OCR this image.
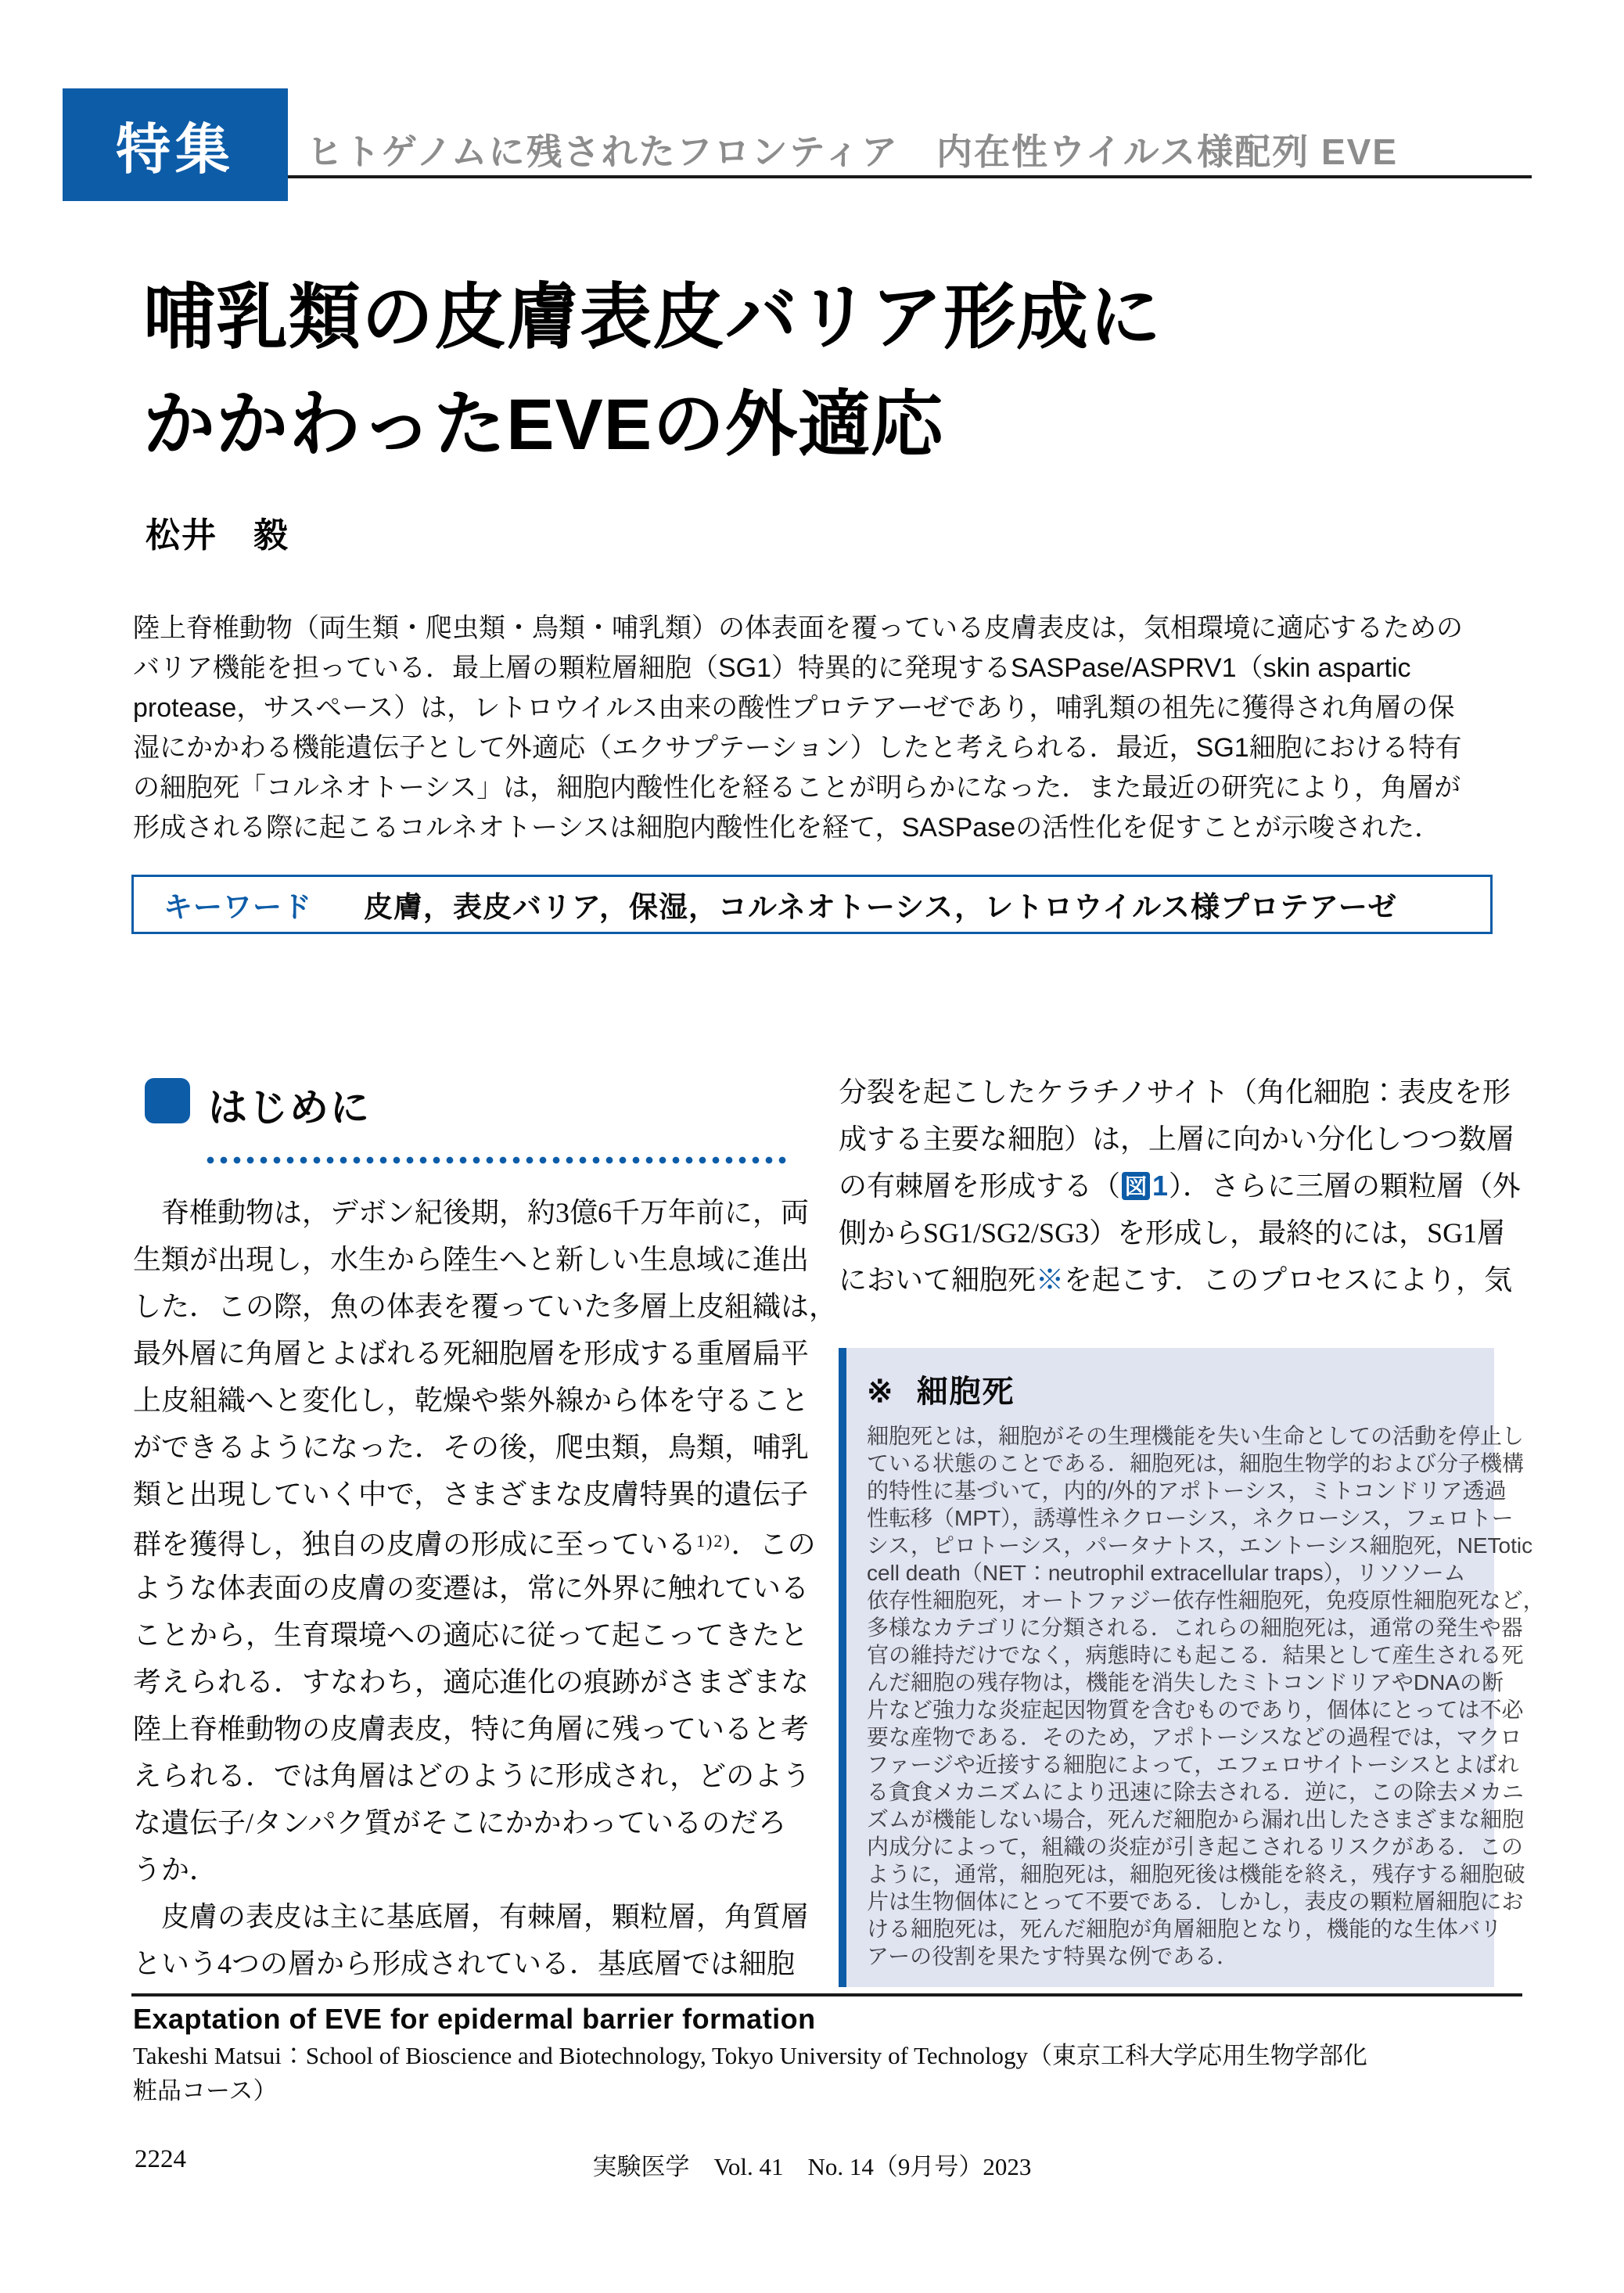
特集 ヒトゲノムに残されたフロンティア　内在性ウイルス様配列 EVE
哺乳類の皮膚表皮バリア形成に
かかわったEVEの外適応
松井　毅
陸上脊椎動物（両生類・爬虫類・鳥類・哺乳類）の体表面を覆っている皮膚表皮は，気相環境に適応するための
バリア機能を担っている．最上層の顆粒層細胞（SG1）特異的に発現するSASPase/ASPRV1（skin aspartic
protease，サスペース）は，レトロウイルス由来の酸性プロテアーゼであり，哺乳類の祖先に獲得され角層の保
湿にかかわる機能遺伝子として外適応（エクサプテーション）したと考えられる．最近，SG1細胞における特有
の細胞死「コルネオトーシス」は，細胞内酸性化を経ることが明らかになった．また最近の研究により，角層が
形成される際に起こるコルネオトーシスは細胞内酸性化を経て，SASPaseの活性化を促すことが示唆された．
キーワード 皮膚，表皮バリア，保湿，コルネオトーシス，レトロウイルス様プロテアーゼ
はじめに
　脊椎動物は，デボン紀後期，約3億6千万年前に，両
生類が出現し，水生から陸生へと新しい生息域に進出
した．この際，魚の体表を覆っていた多層上皮組織は，
最外層に角層とよばれる死細胞層を形成する重層扁平
上皮組織へと変化し，乾燥や紫外線から体を守ること
ができるようになった．その後，爬虫類，鳥類，哺乳
類と出現していく中で，さまざまな皮膚特異的遺伝子
群を獲得し，独自の皮膚の形成に至っている$^{1)2)}$．この
ような体表面の皮膚の変遷は，常に外界に触れている
ことから，生育環境への適応に従って起こってきたと
考えられる．すなわち，適応進化の痕跡がさまざまな
陸上脊椎動物の皮膚表皮，特に角層に残っていると考
えられる．では角層はどのように形成され，どのよう
な遺伝子/タンパク質がそこにかかわっているのだろ
うか．
　皮膚の表皮は主に基底層，有棘層，顆粒層，角質層
という4つの層から形成されている．基底層では細胞
分裂を起こしたケラチノサイト（角化細胞：表皮を形
成する主要な細胞）は，上層に向かい分化しつつ数層
の有棘層を形成する（ 図 1）．さらに三層の顆粒層（外
側からSG1/SG2/SG3）を形成し，最終的には，SG1層
において細胞死※を起こす．このプロセスにより，気
※ 細胞死
細胞死とは，細胞がその生理機能を失い生命としての活動を停止し
ている状態のことである．細胞死は，細胞生物学的および分子機構
的特性に基づいて，内的/外的アポトーシス，ミトコンドリア透過
性転移（MPT），誘導性ネクローシス，ネクローシス，フェロトー
シス，ピロトーシス，パータナトス，エントーシス細胞死，NETotic
cell death（NET：neutrophil extracellular traps），リソソーム
依存性細胞死，オートファジー依存性細胞死，免疫原性細胞死など，
多様なカテゴリに分類される．これらの細胞死は，通常の発生や器
官の維持だけでなく，病態時にも起こる．結果として産生される死
んだ細胞の残存物は，機能を消失したミトコンドリアやDNAの断
片など強力な炎症起因物質を含むものであり，個体にとっては不必
要な産物である．そのため，アポトーシスなどの過程では，マクロ
ファージや近接する細胞によって，エフェロサイトーシスとよばれ
る貪食メカニズムにより迅速に除去される．逆に，この除去メカニ
ズムが機能しない場合，死んだ細胞から漏れ出したさまざまな細胞
内成分によって，組織の炎症が引き起こされるリスクがある．この
ように，通常，細胞死は，細胞死後は機能を終え，残存する細胞破
片は生物個体にとって不要である．しかし，表皮の顆粒層細胞にお
ける細胞死は，死んだ細胞が角層細胞となり，機能的な生体バリ
アーの役割を果たす特異な例である．
Exaptation of EVE for epidermal barrier formation
Takeshi Matsui：School of Bioscience and Biotechnology, Tokyo University of Technology（東京工科大学応用生物学部化
粧品コース）
2224	実験医学　Vol. 41　No. 14（9月号）2023
